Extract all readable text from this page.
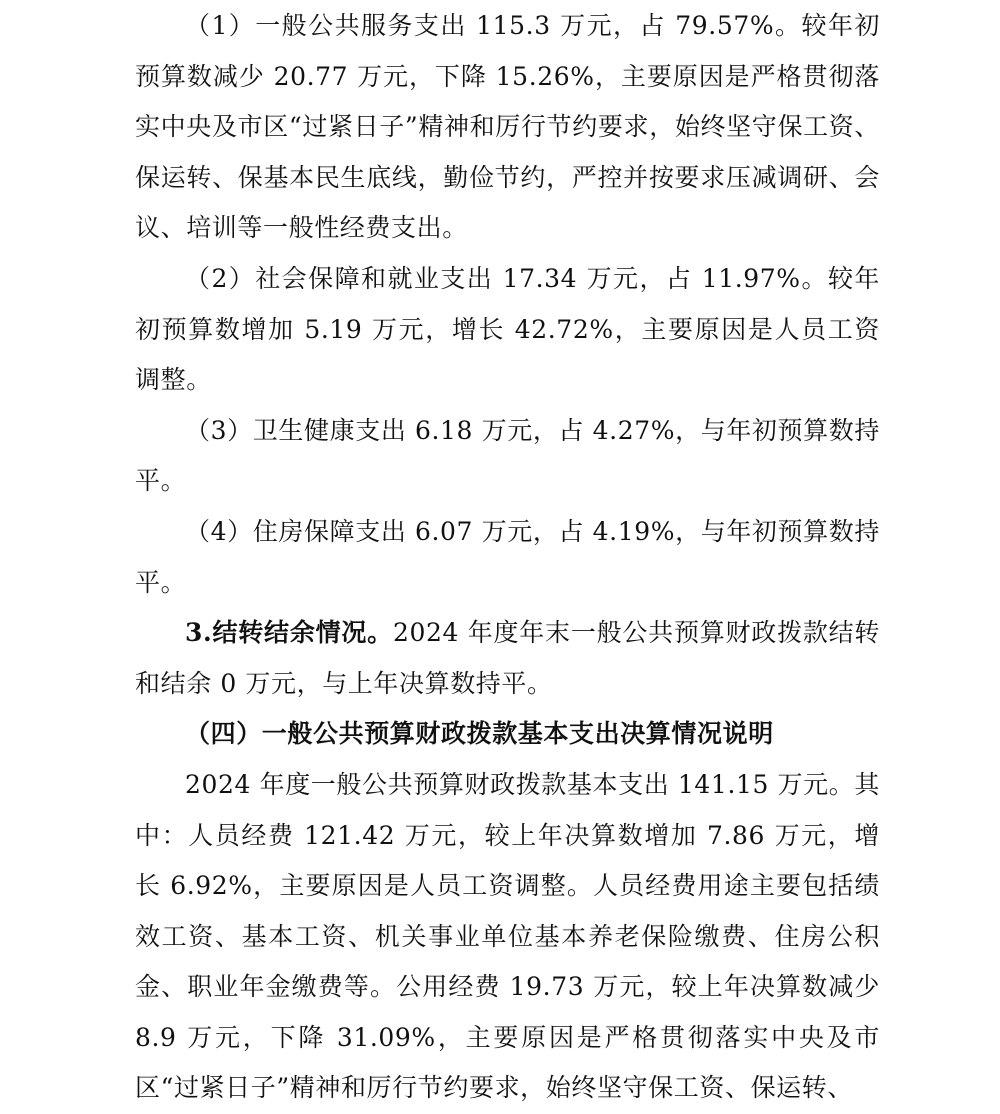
（1）一般公共服务支出 115.3 万元，占 79.57%。较年初预算数减少 20.77 万元，下降 15.26%，主要原因是严格贯彻落实中央及市区“过紧日子”精神和厉行节约要求，始终坚守保工资、保运转、保基本民生底线，勤俭节约，严控并按要求压减调研、会议、培训等一般性经费支出。

（2）社会保障和就业支出 17.34 万元，占 11.97%。较年初预算数增加 5.19 万元，增长 42.72%，主要原因是人员工资调整。

（3）卫生健康支出 6.18 万元，占 4.27%，与年初预算数持平。

（4）住房保障支出 6.07 万元，占 4.19%，与年初预算数持平。

3.结转结余情况。2024 年度年末一般公共预算财政拨款结转和结余 0 万元，与上年决算数持平。

（四）一般公共预算财政拨款基本支出决算情况说明

2024 年度一般公共预算财政拨款基本支出 141.15 万元。其中：人员经费 121.42 万元，较上年决算数增加 7.86 万元，增长 6.92%，主要原因是人员工资调整。人员经费用途主要包括绩效工资、基本工资、机关事业单位基本养老保险缴费、住房公积金、职业年金缴费等。公用经费 19.73 万元，较上年决算数减少 8.9 万元，下降 31.09%，主要原因是严格贯彻落实中央及市区“过紧日子”精神和厉行节约要求，始终坚守保工资、保运转、
